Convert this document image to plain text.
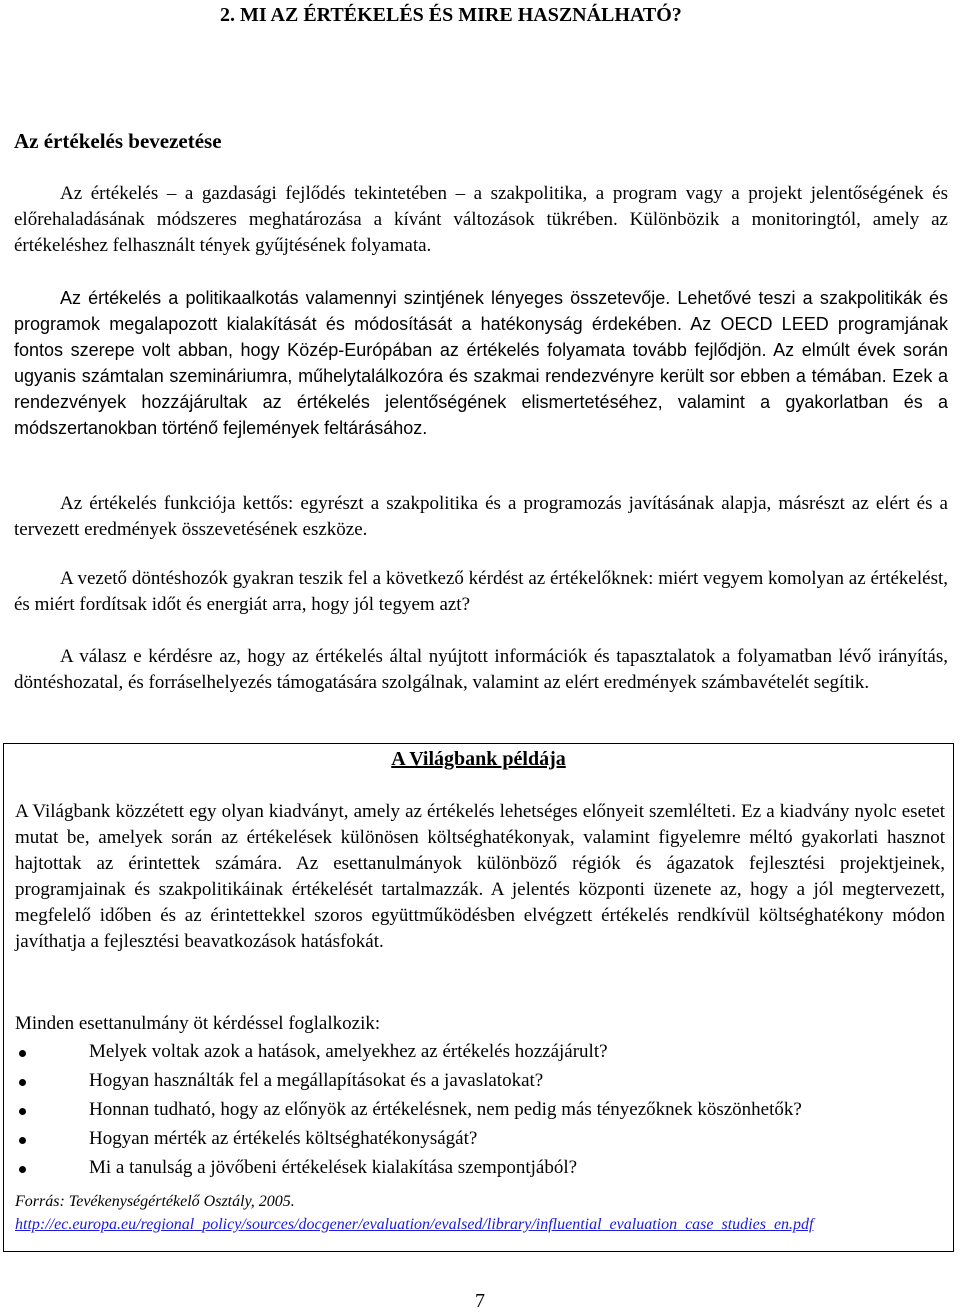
2. MI AZ ÉRTÉKELÉS ÉS MIRE HASZNÁLHATÓ?
Az értékelés bevezetése

Az értékelés – a gazdasági fejlődés tekintetében – a szakpolitika, a program vagy a projekt jelentőségének és előrehaladásának módszeres meghatározása a kívánt változások tükrében. Különbözik a monitoringtól, amely az értékeléshez felhasznált tények gyűjtésének folyamata.

Az értékelés a politikaalkotás valamennyi szintjének lényeges összetevője. Lehetővé teszi a szakpolitikák és programok megalapozott kialakítását és módosítását a hatékonyság érdekében. Az OECD LEED programjának fontos szerepe volt abban, hogy Közép-Európában az értékelés folyamata tovább fejlődjön. Az elmúlt évek során ugyanis számtalan szemináriumra, műhelytalálkozóra és szakmai rendezvényre került sor ebben a témában. Ezek a rendezvények hozzájárultak az értékelés jelentőségének elismertetéséhez, valamint a gyakorlatban és a módszertanokban történő fejlemények feltárásához.

Az értékelés funkciója kettős: egyrészt a szakpolitika és a programozás javításának alapja, másrészt az elért és a tervezett eredmények összevetésének eszköze.

A vezető döntéshozók gyakran teszik fel a következő kérdést az értékelőknek: miért vegyem komolyan az értékelést, és miért fordítsak időt és energiát arra, hogy jól tegyem azt?

A válasz e kérdésre az, hogy az értékelés által nyújtott információk és tapasztalatok a folyamatban lévő irányítás, döntéshozatal, és forráselhelyezés támogatására szolgálnak, valamint az elért eredmények számbavételét segítik.

A Világbank példája

A Világbank közzétett egy olyan kiadványt, amely az értékelés lehetséges előnyeit szemlélteti. Ez a kiadvány nyolc esetet mutat be, amelyek során az értékelések különösen költséghatékonyak, valamint figyelemre méltó gyakorlati hasznot hajtottak az érintettek számára. Az esettanulmányok különböző régiók és ágazatok fejlesztési projektjeinek, programjainak és szakpolitikáinak értékelését tartalmazzák. A jelentés központi üzenete az, hogy a jól megtervezett, megfelelő időben és az érintettekkel szoros együttműködésben elvégzett értékelés rendkívül költséghatékony módon javíthatja a fejlesztési beavatkozások hatásfokát.

Minden esettanulmány öt kérdéssel foglalkozik:

Melyek voltak azok a hatások, amelyekhez az értékelés hozzájárult?
Hogyan használták fel a megállapításokat és a javaslatokat?
Honnan tudható, hogy az előnyök az értékelésnek, nem pedig más tényezőknek köszönhetők?
Hogyan mérték az értékelés költséghatékonyságát?
Mi a tanulság a jövőbeni értékelések kialakítása szempontjából?
Forrás: Tevékenységértékelő Osztály, 2005.
http://ec.europa.eu/regional_policy/sources/docgener/evaluation/evalsed/library/influential_evaluation_case_studies_en.pdf
7
